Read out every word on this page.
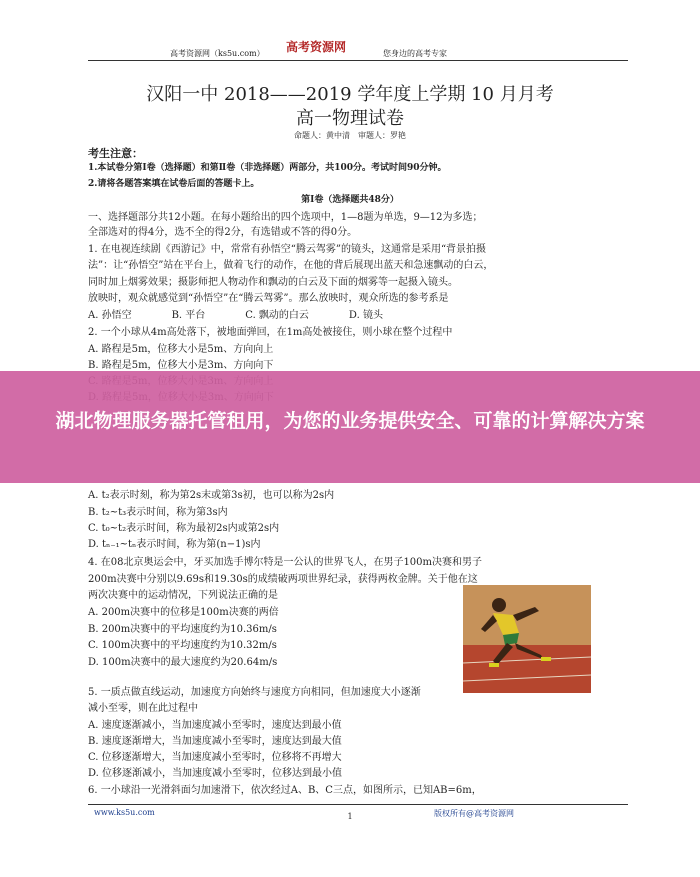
高考资源网（ks5u.com） 高考资源网	您身边的高考专家
汉阳一中 2018——2019 学年度上学期 10 月月考
高一物理试卷
命题人：黄中清　审题人：罗艳
考生注意：
1.本试卷分第Ⅰ卷（选择题）和第Ⅱ卷（非选择题）两部分，共100分。考试时间90分钟。
2.请将各题答案填在试卷后面的答题卡上。
第Ⅰ卷（选择题共48分）
一、选择题部分共12小题。在每小题给出的四个选项中，1—8题为单选，9—12为多选；
全部选对的得4分，选不全的得2分，有选错或不答的得0分。
1. 在电视连续剧《西游记》中，常常有孙悟空“腾云驾雾”的镜头，这通常是采用“背景拍摄
法”：让“孙悟空”站在平台上，做着飞行的动作，在他的背后展现出蓝天和急速飘动的白云，
同时加上烟雾效果；摄影师把人物动作和飘动的白云及下面的烟雾等一起摄入镜头。
放映时，观众就感觉到“孙悟空”在“腾云驾雾”。那么放映时，观众所选的参考系是
A. 孙悟空　　　　B. 平台　　　　C. 飘动的白云　　　　D. 镜头
2. 一个小球从4m高处落下，被地面弹回，在1m高处被接住，则小球在整个过程中
A. 路程是5m，位移大小是5m、方向向上
B. 路程是5m，位移大小是3m、方向向下
A. t₂表示时刻，称为第2s末或第3s初，也可以称为2s内
B. t₂~t₃表示时间，称为第3s内
C. t₀~t₂表示时间，称为最初2s内或第2s内
D. tₙ₋₁~tₙ表示时间，称为第(n−1)s内
4. 在08北京奥运会中，牙买加选手博尔特是一公认的世界飞人，在男子100m决赛和男子
200m决赛中分别以9.69s和19.30s的成绩破两项世界纪录，获得两枚金牌。关于他在这
两次决赛中的运动情况，下列说法正确的是
A. 200m决赛中的位移是100m决赛的两倍
B. 200m决赛中的平均速度约为10.36m/s
C. 100m决赛中的平均速度约为10.32m/s
D. 100m决赛中的最大速度约为20.64m/s
5. 一质点做直线运动，加速度方向始终与速度方向相同，但加速度大小逐渐
减小至零，则在此过程中
A. 速度逐渐减小，当加速度减小至零时，速度达到最小值
B. 速度逐渐增大，当加速度减小至零时，速度达到最大值
C. 位移逐渐增大，当加速度减小至零时，位移将不再增大
D. 位移逐渐减小，当加速度减小至零时，位移达到最小值
6. 一小球沿一光滑斜面匀加速滑下，依次经过A、B、C三点，如图所示，已知AB=6m，
湖北物理服务器托管租用，为您的业务提供安全、可靠的计算解决方案
www.ks5u.com	版权所有@高考资源网
1
